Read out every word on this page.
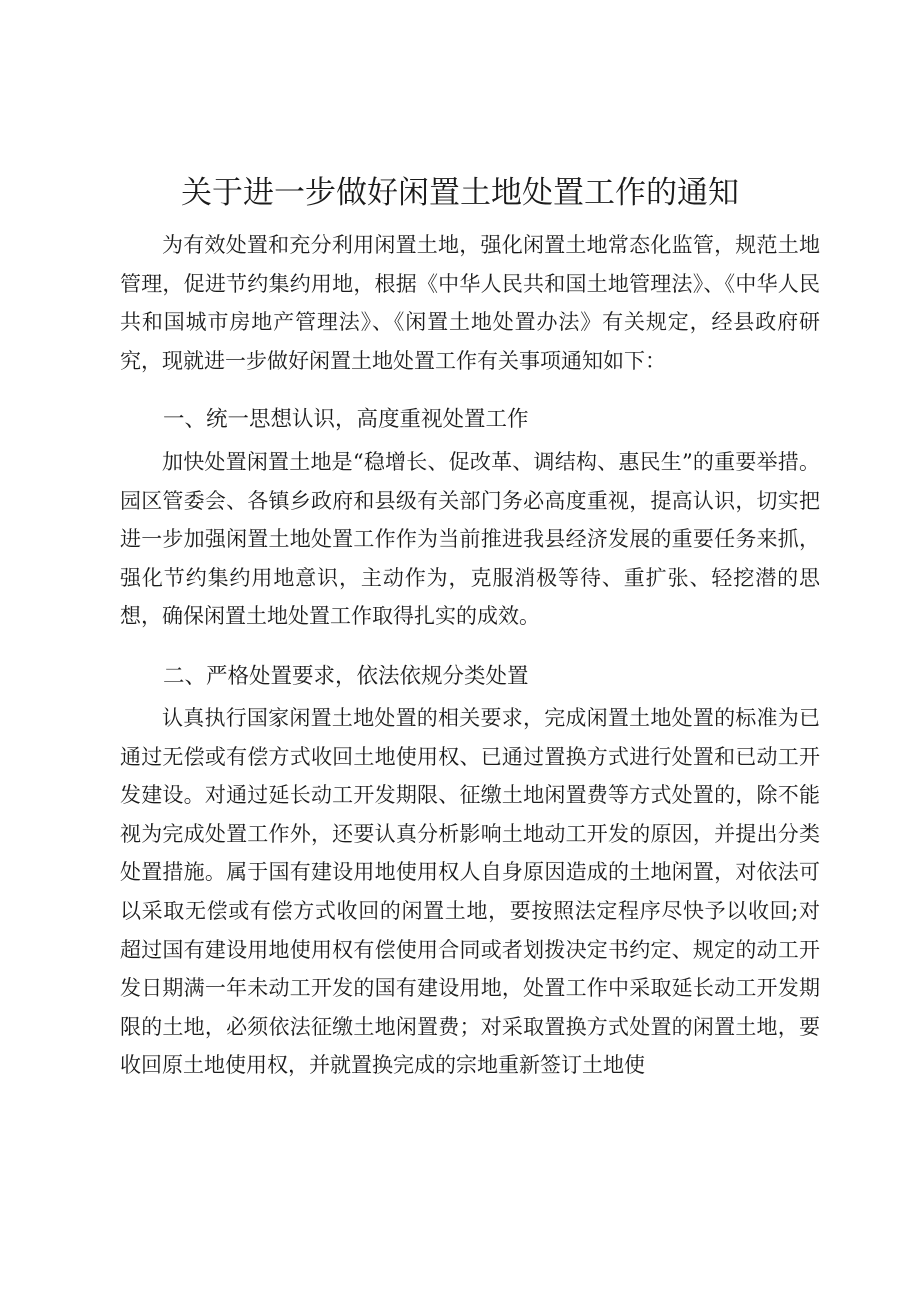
关于进一步做好闲置土地处置工作的通知

为有效处置和充分利用闲置土地，强化闲置土地常态化监管，规范土地管理，促进节约集约用地，根据《中华人民共和国土地管理法》、《中华人民共和国城市房地产管理法》、《闲置土地处置办法》有关规定，经县政府研究，现就进一步做好闲置土地处置工作有关事项通知如下：

一、统一思想认识，高度重视处置工作

加快处置闲置土地是“稳增长、促改革、调结构、惠民生”的重要举措。园区管委会、各镇乡政府和县级有关部门务必高度重视，提高认识，切实把进一步加强闲置土地处置工作作为当前推进我县经济发展的重要任务来抓，强化节约集约用地意识，主动作为，克服消极等待、重扩张、轻挖潜的思想，确保闲置土地处置工作取得扎实的成效。

二、严格处置要求，依法依规分类处置

认真执行国家闲置土地处置的相关要求，完成闲置土地处置的标准为已通过无偿或有偿方式收回土地使用权、已通过置换方式进行处置和已动工开发建设。对通过延长动工开发期限、征缴土地闲置费等方式处置的，除不能视为完成处置工作外，还要认真分析影响土地动工开发的原因，并提出分类处置措施。属于国有建设用地使用权人自身原因造成的土地闲置，对依法可以采取无偿或有偿方式收回的闲置土地，要按照法定程序尽快予以收回;对超过国有建设用地使用权有偿使用合同或者划拨决定书约定、规定的动工开发日期满一年未动工开发的国有建设用地，处置工作中采取延长动工开发期限的土地，必须依法征缴土地闲置费；对采取置换方式处置的闲置土地，要收回原土地使用权，并就置换完成的宗地重新签订土地使
